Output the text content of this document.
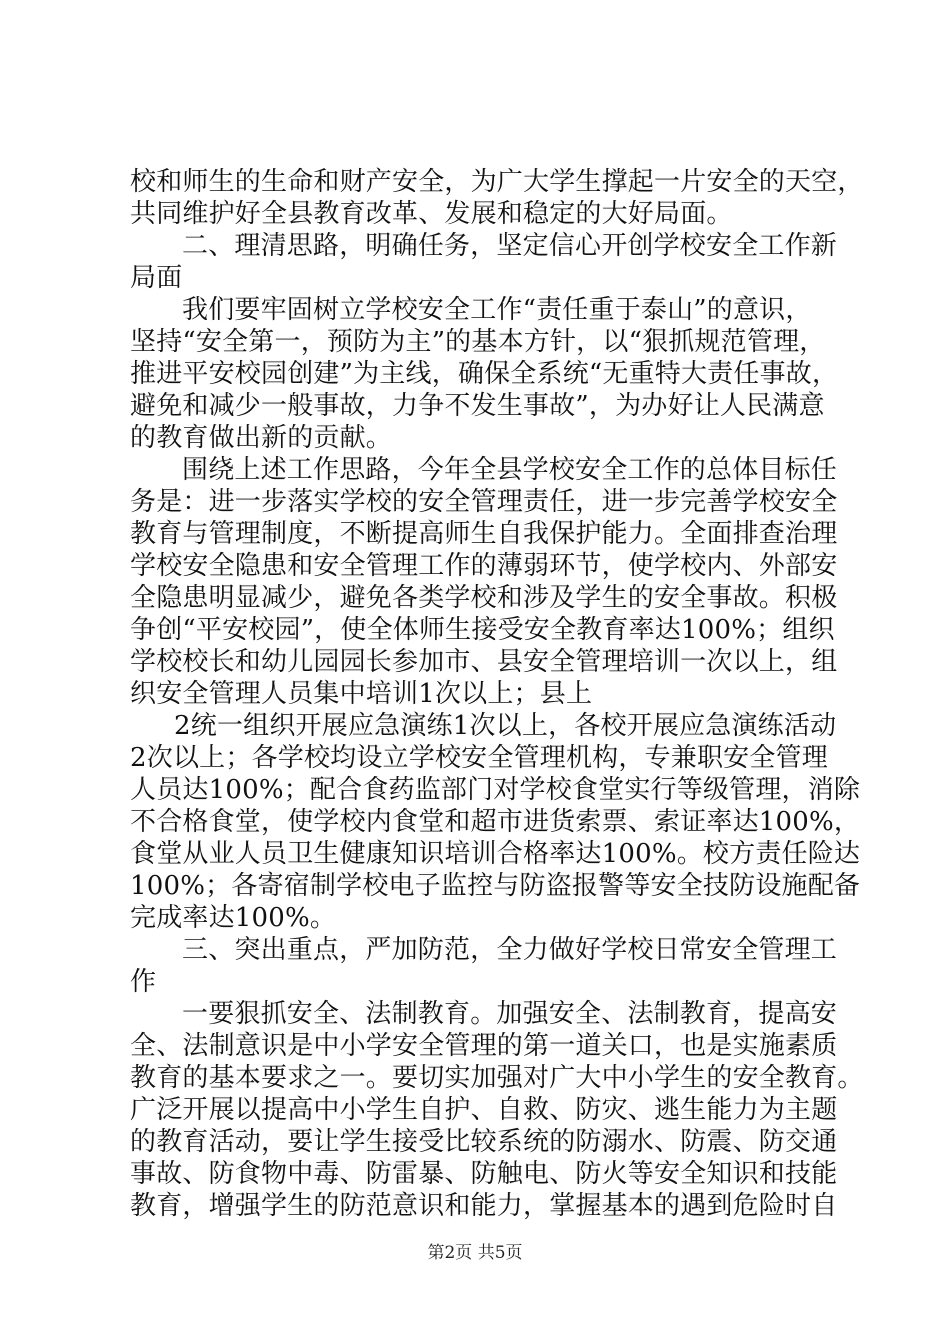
校和师生的生命和财产安全，为广大学生撑起一片安全的天空，
共同维护好全县教育改革、发展和稳定的大好局面。
二、理清思路，明确任务，坚定信心开创学校安全工作新
局面
我们要牢固树立学校安全工作“责任重于泰山”的意识，
坚持“安全第一，预防为主”的基本方针，以“狠抓规范管理，
推进平安校园创建”为主线，确保全系统“无重特大责任事故，
避免和减少一般事故，力争不发生事故”，为办好让人民满意
的教育做出新的贡献。
围绕上述工作思路，今年全县学校安全工作的总体目标任
务是：进一步落实学校的安全管理责任，进一步完善学校安全
教育与管理制度，不断提高师生自我保护能力。全面排查治理
学校安全隐患和安全管理工作的薄弱环节，使学校内、外部安
全隐患明显减少，避免各类学校和涉及学生的安全事故。积极
争创“平安校园”，使全体师生接受安全教育率达100%；组织
学校校长和幼儿园园长参加市、县安全管理培训一次以上，组
织安全管理人员集中培训1次以上；县上
2统一组织开展应急演练1次以上，各校开展应急演练活动
2次以上；各学校均设立学校安全管理机构，专兼职安全管理
人员达100%；配合食药监部门对学校食堂实行等级管理，消除
不合格食堂，使学校内食堂和超市进货索票、索证率达100%，
食堂从业人员卫生健康知识培训合格率达100%。校方责任险达
100%；各寄宿制学校电子监控与防盗报警等安全技防设施配备
完成率达100%。
三、突出重点，严加防范，全力做好学校日常安全管理工
作
一要狠抓安全、法制教育。加强安全、法制教育，提高安
全、法制意识是中小学安全管理的第一道关口，也是实施素质
教育的基本要求之一。要切实加强对广大中小学生的安全教育。
广泛开展以提高中小学生自护、自救、防灾、逃生能力为主题
的教育活动，要让学生接受比较系统的防溺水、防震、防交通
事故、防食物中毒、防雷暴、防触电、防火等安全知识和技能
教育，增强学生的防范意识和能力，掌握基本的遇到危险时自
第2页 共5页
